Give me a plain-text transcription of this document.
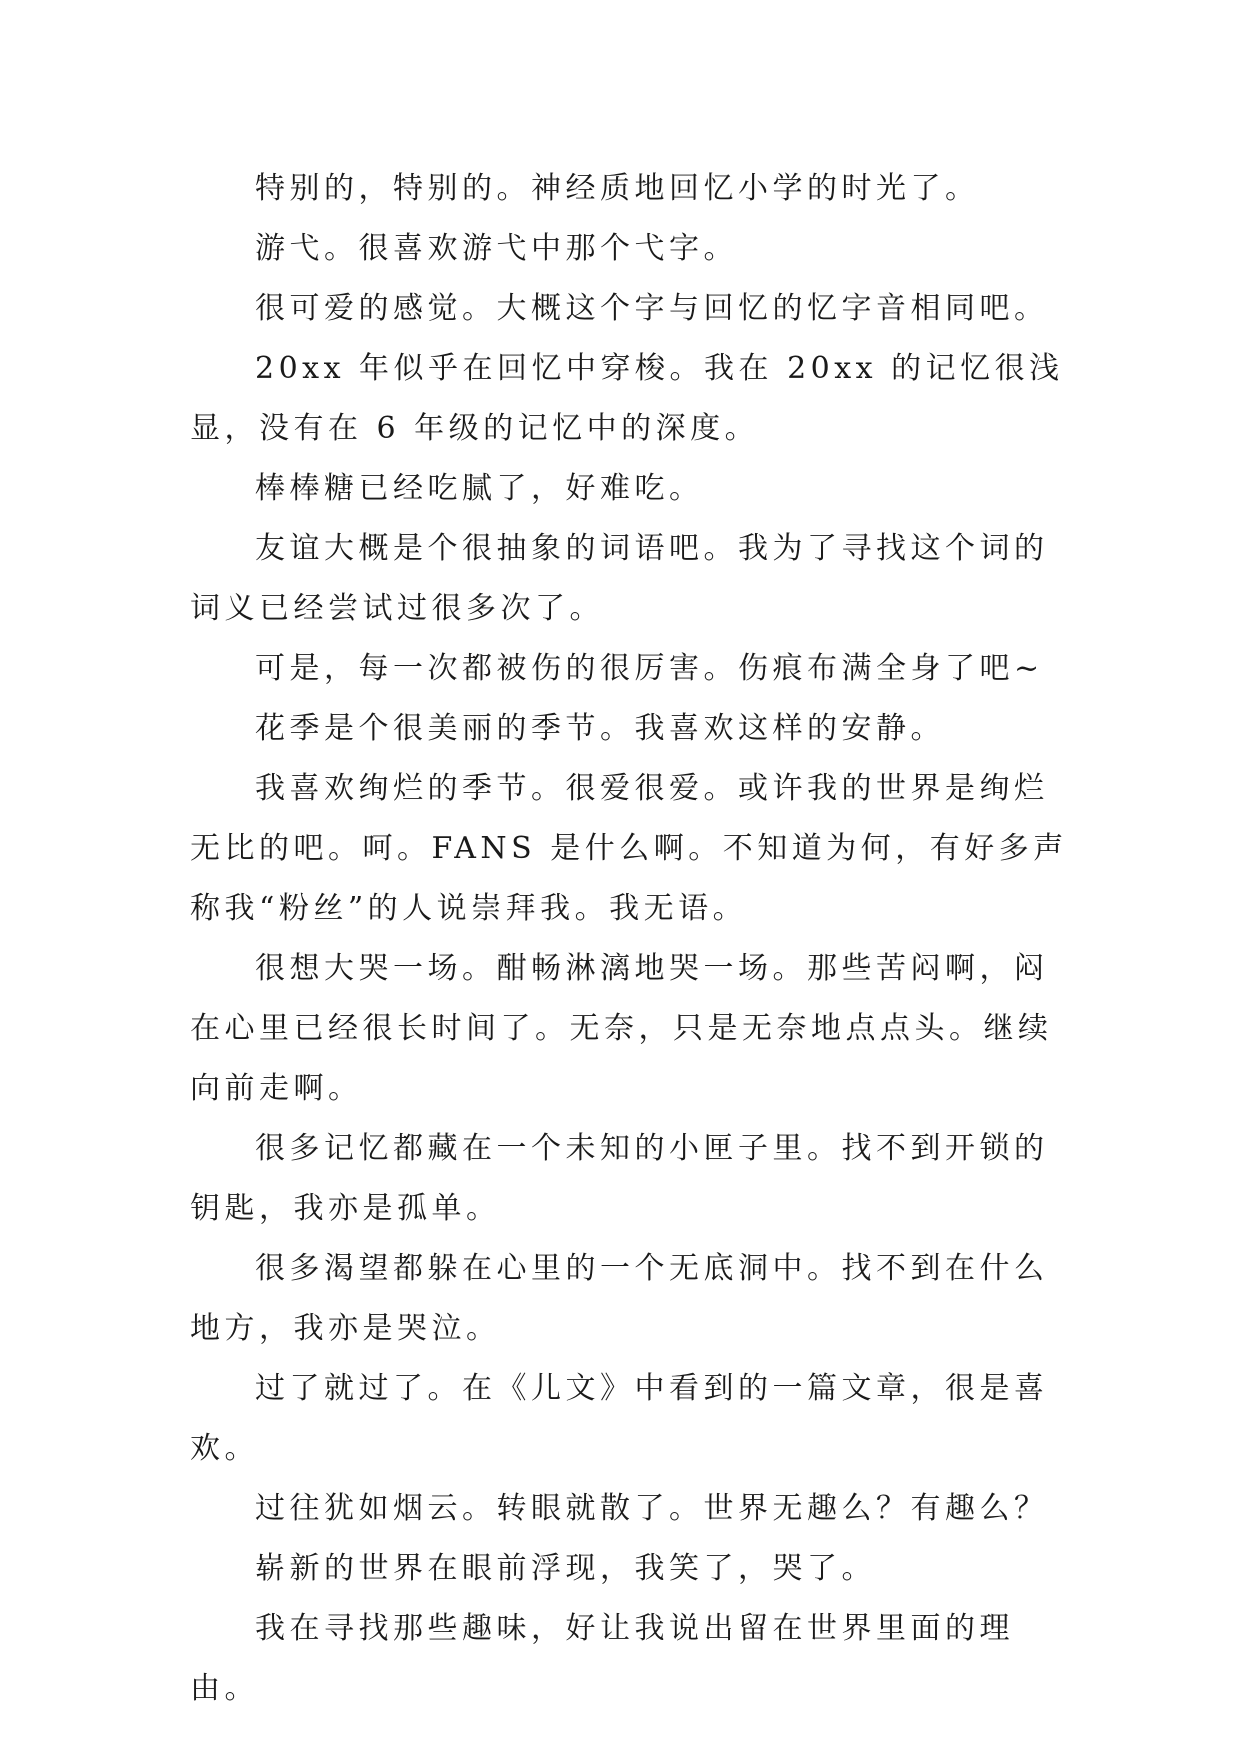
特别的，特别的。神经质地回忆小学的时光了。

游弋。很喜欢游弋中那个弋字。

很可爱的感觉。大概这个字与回忆的忆字音相同吧。

20xx 年似乎在回忆中穿梭。我在 20xx 的记忆很浅显，没有在 6 年级的记忆中的深度。

棒棒糖已经吃腻了，好难吃。

友谊大概是个很抽象的词语吧。我为了寻找这个词的词义已经尝试过很多次了。

可是，每一次都被伤的很厉害。伤痕布满全身了吧~

花季是个很美丽的季节。我喜欢这样的安静。

我喜欢绚烂的季节。很爱很爱。或许我的世界是绚烂无比的吧。呵。FANS 是什么啊。不知道为何，有好多声称我“粉丝”的人说崇拜我。我无语。

很想大哭一场。酣畅淋漓地哭一场。那些苦闷啊，闷在心里已经很长时间了。无奈，只是无奈地点点头。继续向前走啊。

很多记忆都藏在一个未知的小匣子里。找不到开锁的钥匙，我亦是孤单。

很多渴望都躲在心里的一个无底洞中。找不到在什么地方，我亦是哭泣。

过了就过了。在《儿文》中看到的一篇文章，很是喜欢。

过往犹如烟云。转眼就散了。世界无趣么？有趣么？

崭新的世界在眼前浮现，我笑了，哭了。

我在寻找那些趣味，好让我说出留在世界里面的理由。
